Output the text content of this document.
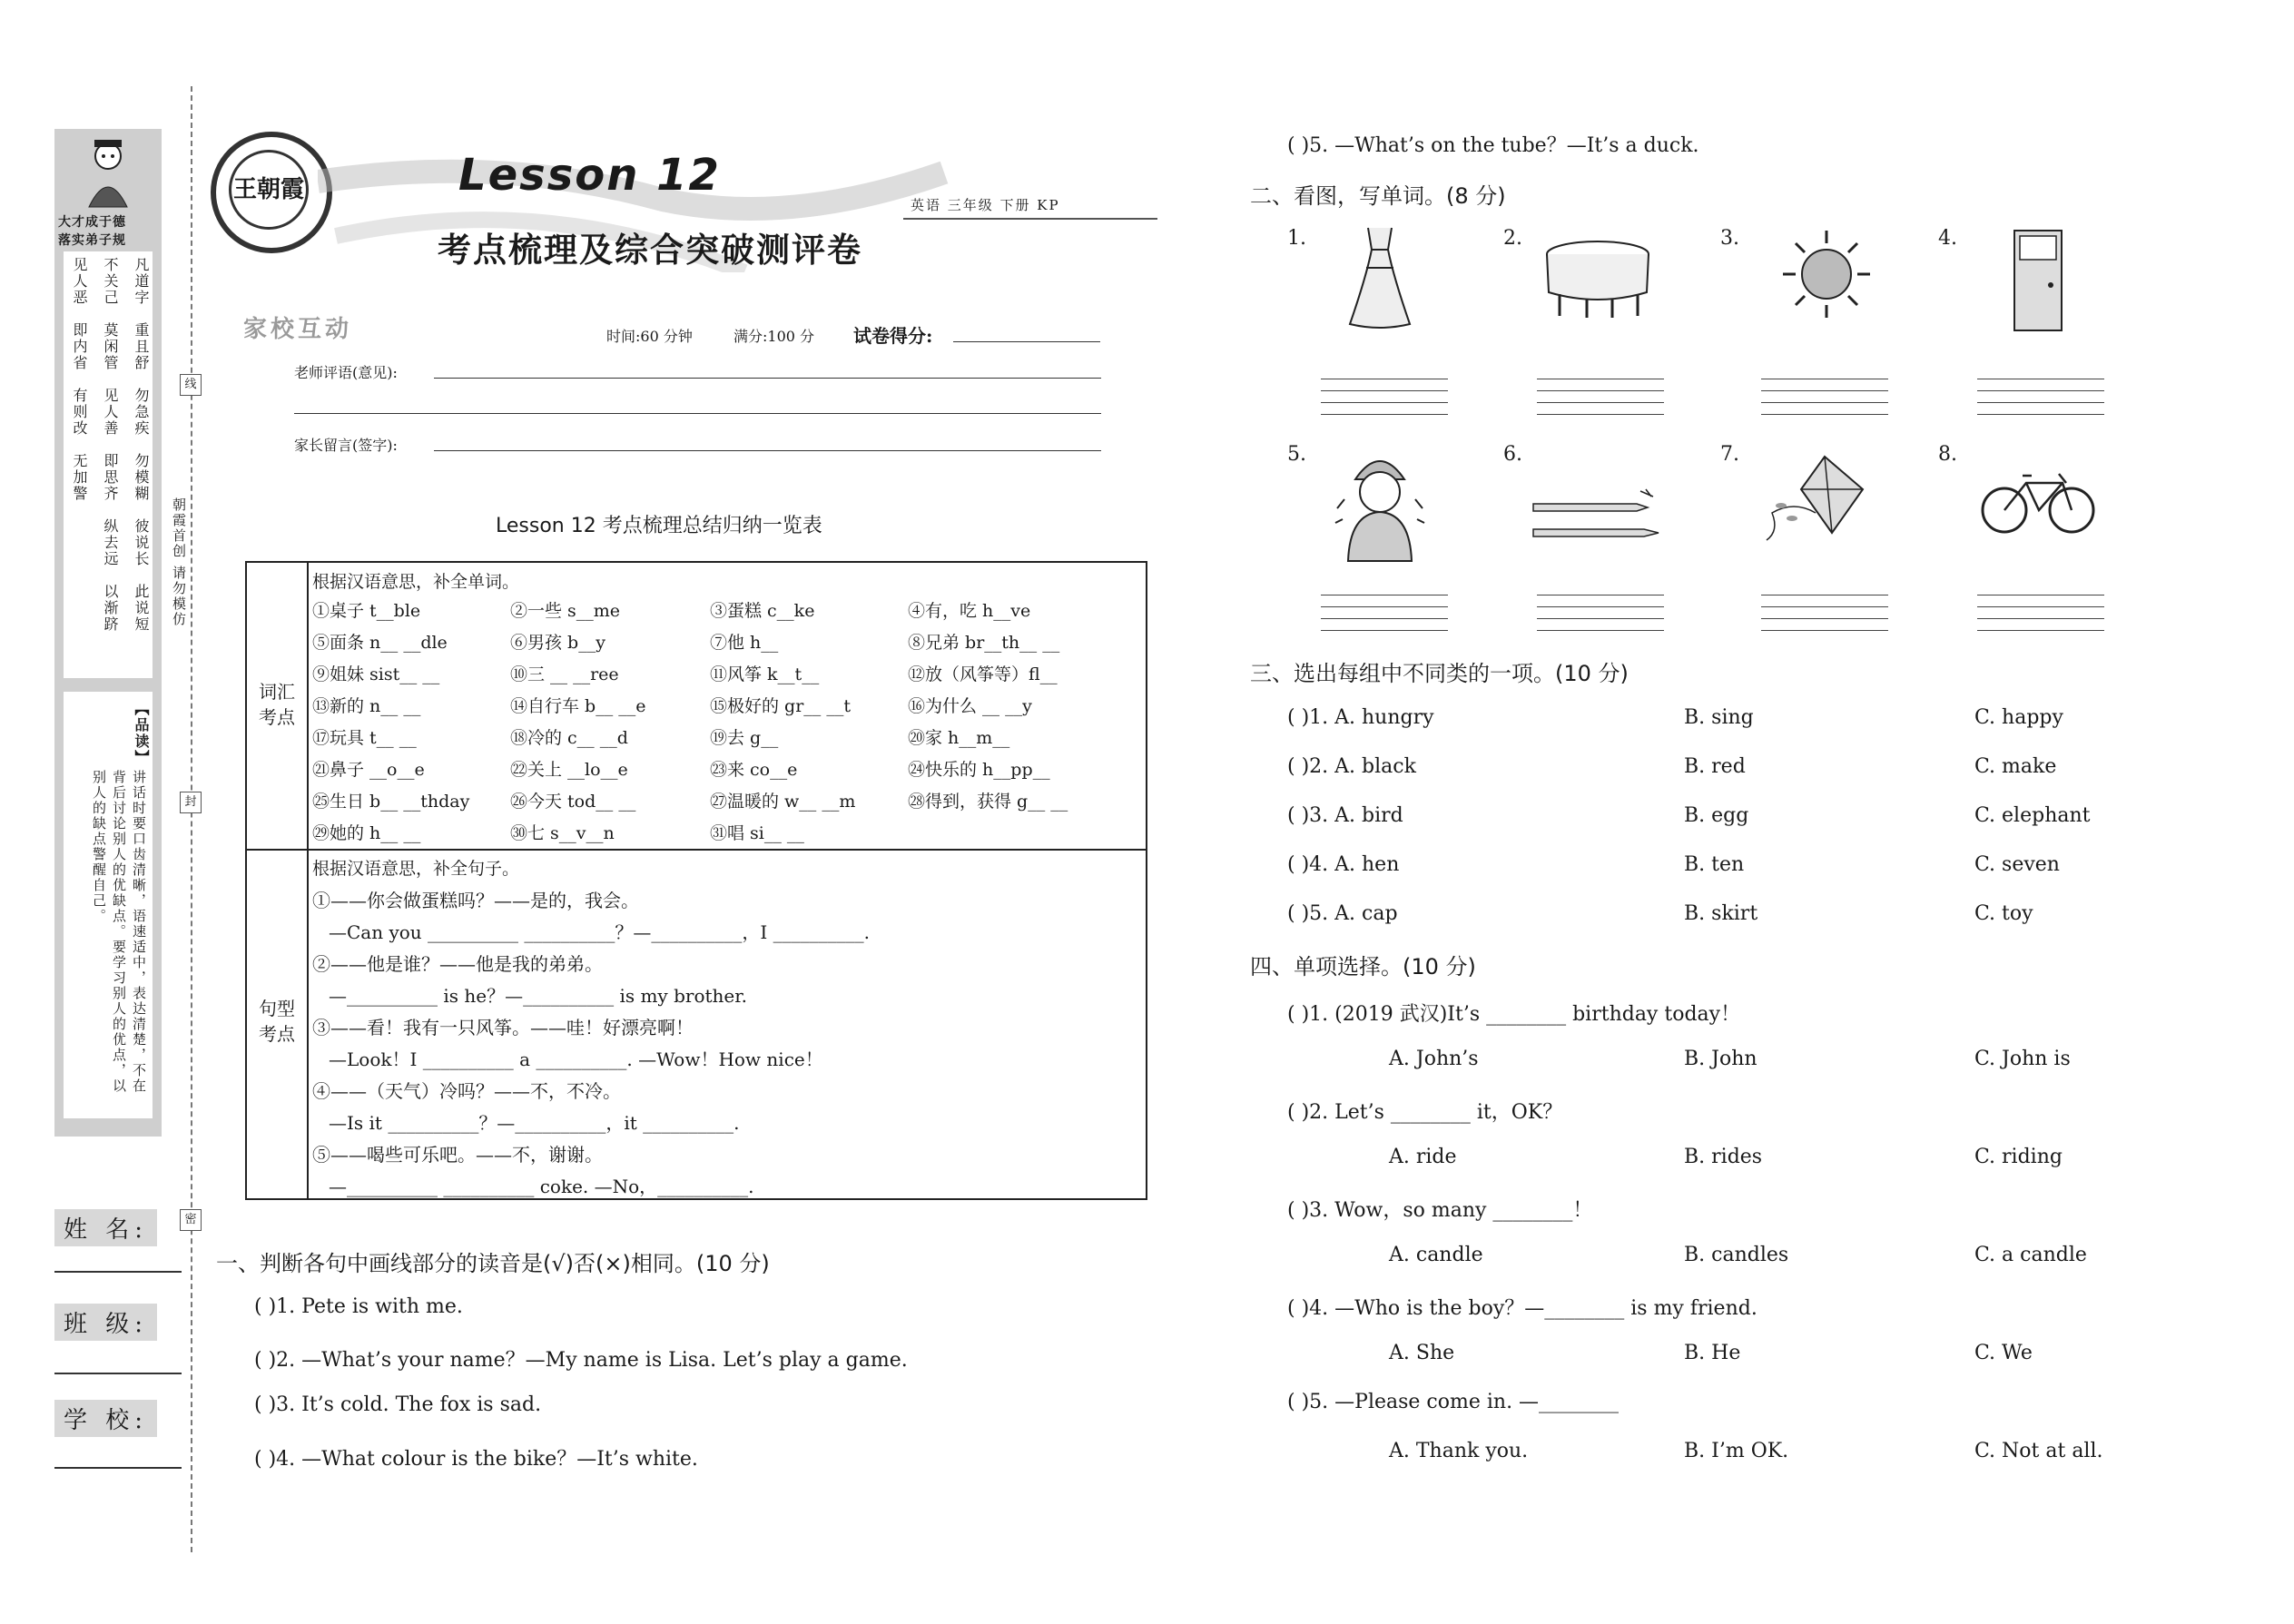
大才成于德
落实弟子规
凡道字
重且舒
勿急疾
勿模糊
彼说长
此说短
不关己
莫闲管
见人善
即思齐
纵去远
以渐跻
见人恶
即内省
有则改
无加警
【品读】
讲话时要口齿清晰，语速适中，表达清楚，不在背后讨论别人的优缺点。要学习别人的优点，以别人的缺点警醒自己。
线
封
密
朝霞首创 请勿模仿
姓 名:
班 级:
学 校:
王朝霞	Lesson 12
考点梳理及综合突破测评卷
英语 三年级 下册 KP
家校互动	时间:60 分钟	满分:100 分 试卷得分:
老师评语(意见):
家长留言(签字):
Lesson 12 考点梳理总结归纳一览表
词汇考点
句型考点
根据汉语意思，补全单词。
①桌子 t__ble	②一些 s__me	③蛋糕 c__ke	④有，吃 h__ve
⑤面条 n__ __dle	⑥男孩 b__y	⑦他 h__	⑧兄弟 br__th__ __
⑨姐妹 sist__ __	⑩三 __ __ree	⑪风筝 k__t__	⑫放（风筝等）fl__
⑬新的 n__ __	⑭自行车 b__ __e	⑮极好的 gr__ __t	⑯为什么 __ __y
⑰玩具 t__ __	⑱冷的 c__ __d	⑲去 g__	⑳家 h__m__
㉑鼻子 __o__e	㉒关上 __lo__e	㉓来 co__e	㉔快乐的 h__pp__
㉕生日 b__ __thday ㉖今天 tod__ __	㉗温暖的 w__ __m	㉘得到，获得 g__ __
㉙她的 h__ __	㉚七 s__v__n	㉛唱 si__ __
根据汉语意思，补全句子。
①——你会做蛋糕吗？——是的，我会。
—Can you __________ __________？—__________，I __________.
②——他是谁？——他是我的弟弟。
—__________ is he？—__________ is my brother.
③——看！我有一只风筝。——哇！好漂亮啊！
—Look！I __________ a __________. —Wow！How nice！
④——（天气）冷吗？——不，不冷。
—Is it __________？—__________，it __________.
⑤——喝些可乐吧。——不，谢谢。
—__________ __________ coke. —No，__________.
一、判断各句中画线部分的读音是(√)否(×)相同。(10 分)
( )1. Pete is with me.
( )2. —What’s your name？—My name is Lisa. Let’s play a game.
( )3. It’s cold. The fox is sad.
( )4. —What colour is the bike？—It’s white.
( )5. —What’s on the tube？—It’s a duck.
二、看图，写单词。(8 分)
1.	2.	3.	4.
5.	6.	7.	8.
三、选出每组中不同类的一项。(10 分)
( )1. A. hungry	B. sing	C. happy
( )2. A. black	B. red	C. make
( )3. A. bird	B. egg	C. elephant
( )4. A. hen	B. ten	C. seven
( )5. A. cap	B. skirt	C. toy
四、单项选择。(10 分)
( )1. (2019 武汉)It’s ________ birthday today！
A. John’s	B. John	C. John is
( )2. Let’s ________ it，OK？
A. ride	B. rides	C. riding
( )3. Wow，so many ________！
A. candle	B. candles	C. a candle
( )4. —Who is the boy？—________ is my friend.
A. She	B. He	C. We
( )5. —Please come in. —________
A. Thank you.	B. I’m OK.	C. Not at all.
